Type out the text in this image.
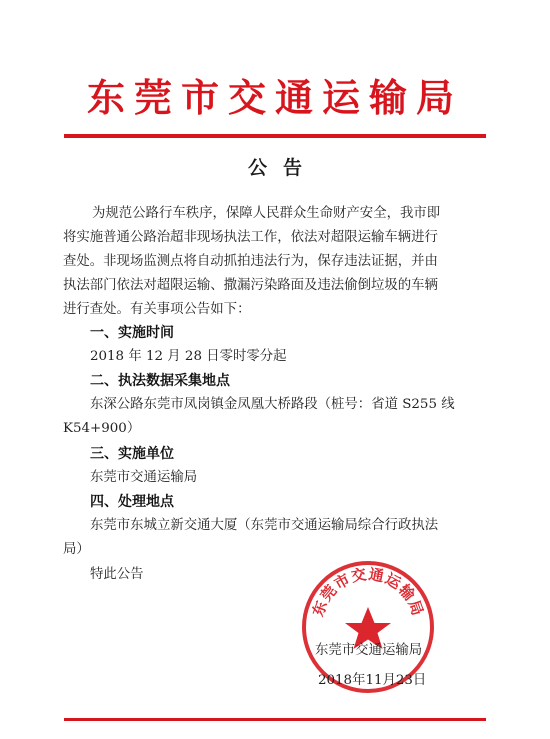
东莞市交通运输局
公告
为规范公路行车秩序，保障人民群众生命财产安全，我市即
将实施普通公路治超非现场执法工作，依法对超限运输车辆进行
查处。非现场监测点将自动抓拍违法行为，保存违法证据，并由
执法部门依法对超限运输、撒漏污染路面及违法偷倒垃圾的车辆
进行查处。有关事项公告如下：
一、实施时间
2018 年 12 月 28 日零时零分起
二、执法数据采集地点
东深公路东莞市凤岗镇金凤凰大桥路段（桩号：省道 S255 线
K54+900）
三、实施单位
东莞市交通运输局
四、处理地点
东莞市东城立新交通大厦（东莞市交通运输局综合行政执法
局）
特此公告
东莞市交通运输局
东莞市交通运输局
2018年11月23日
